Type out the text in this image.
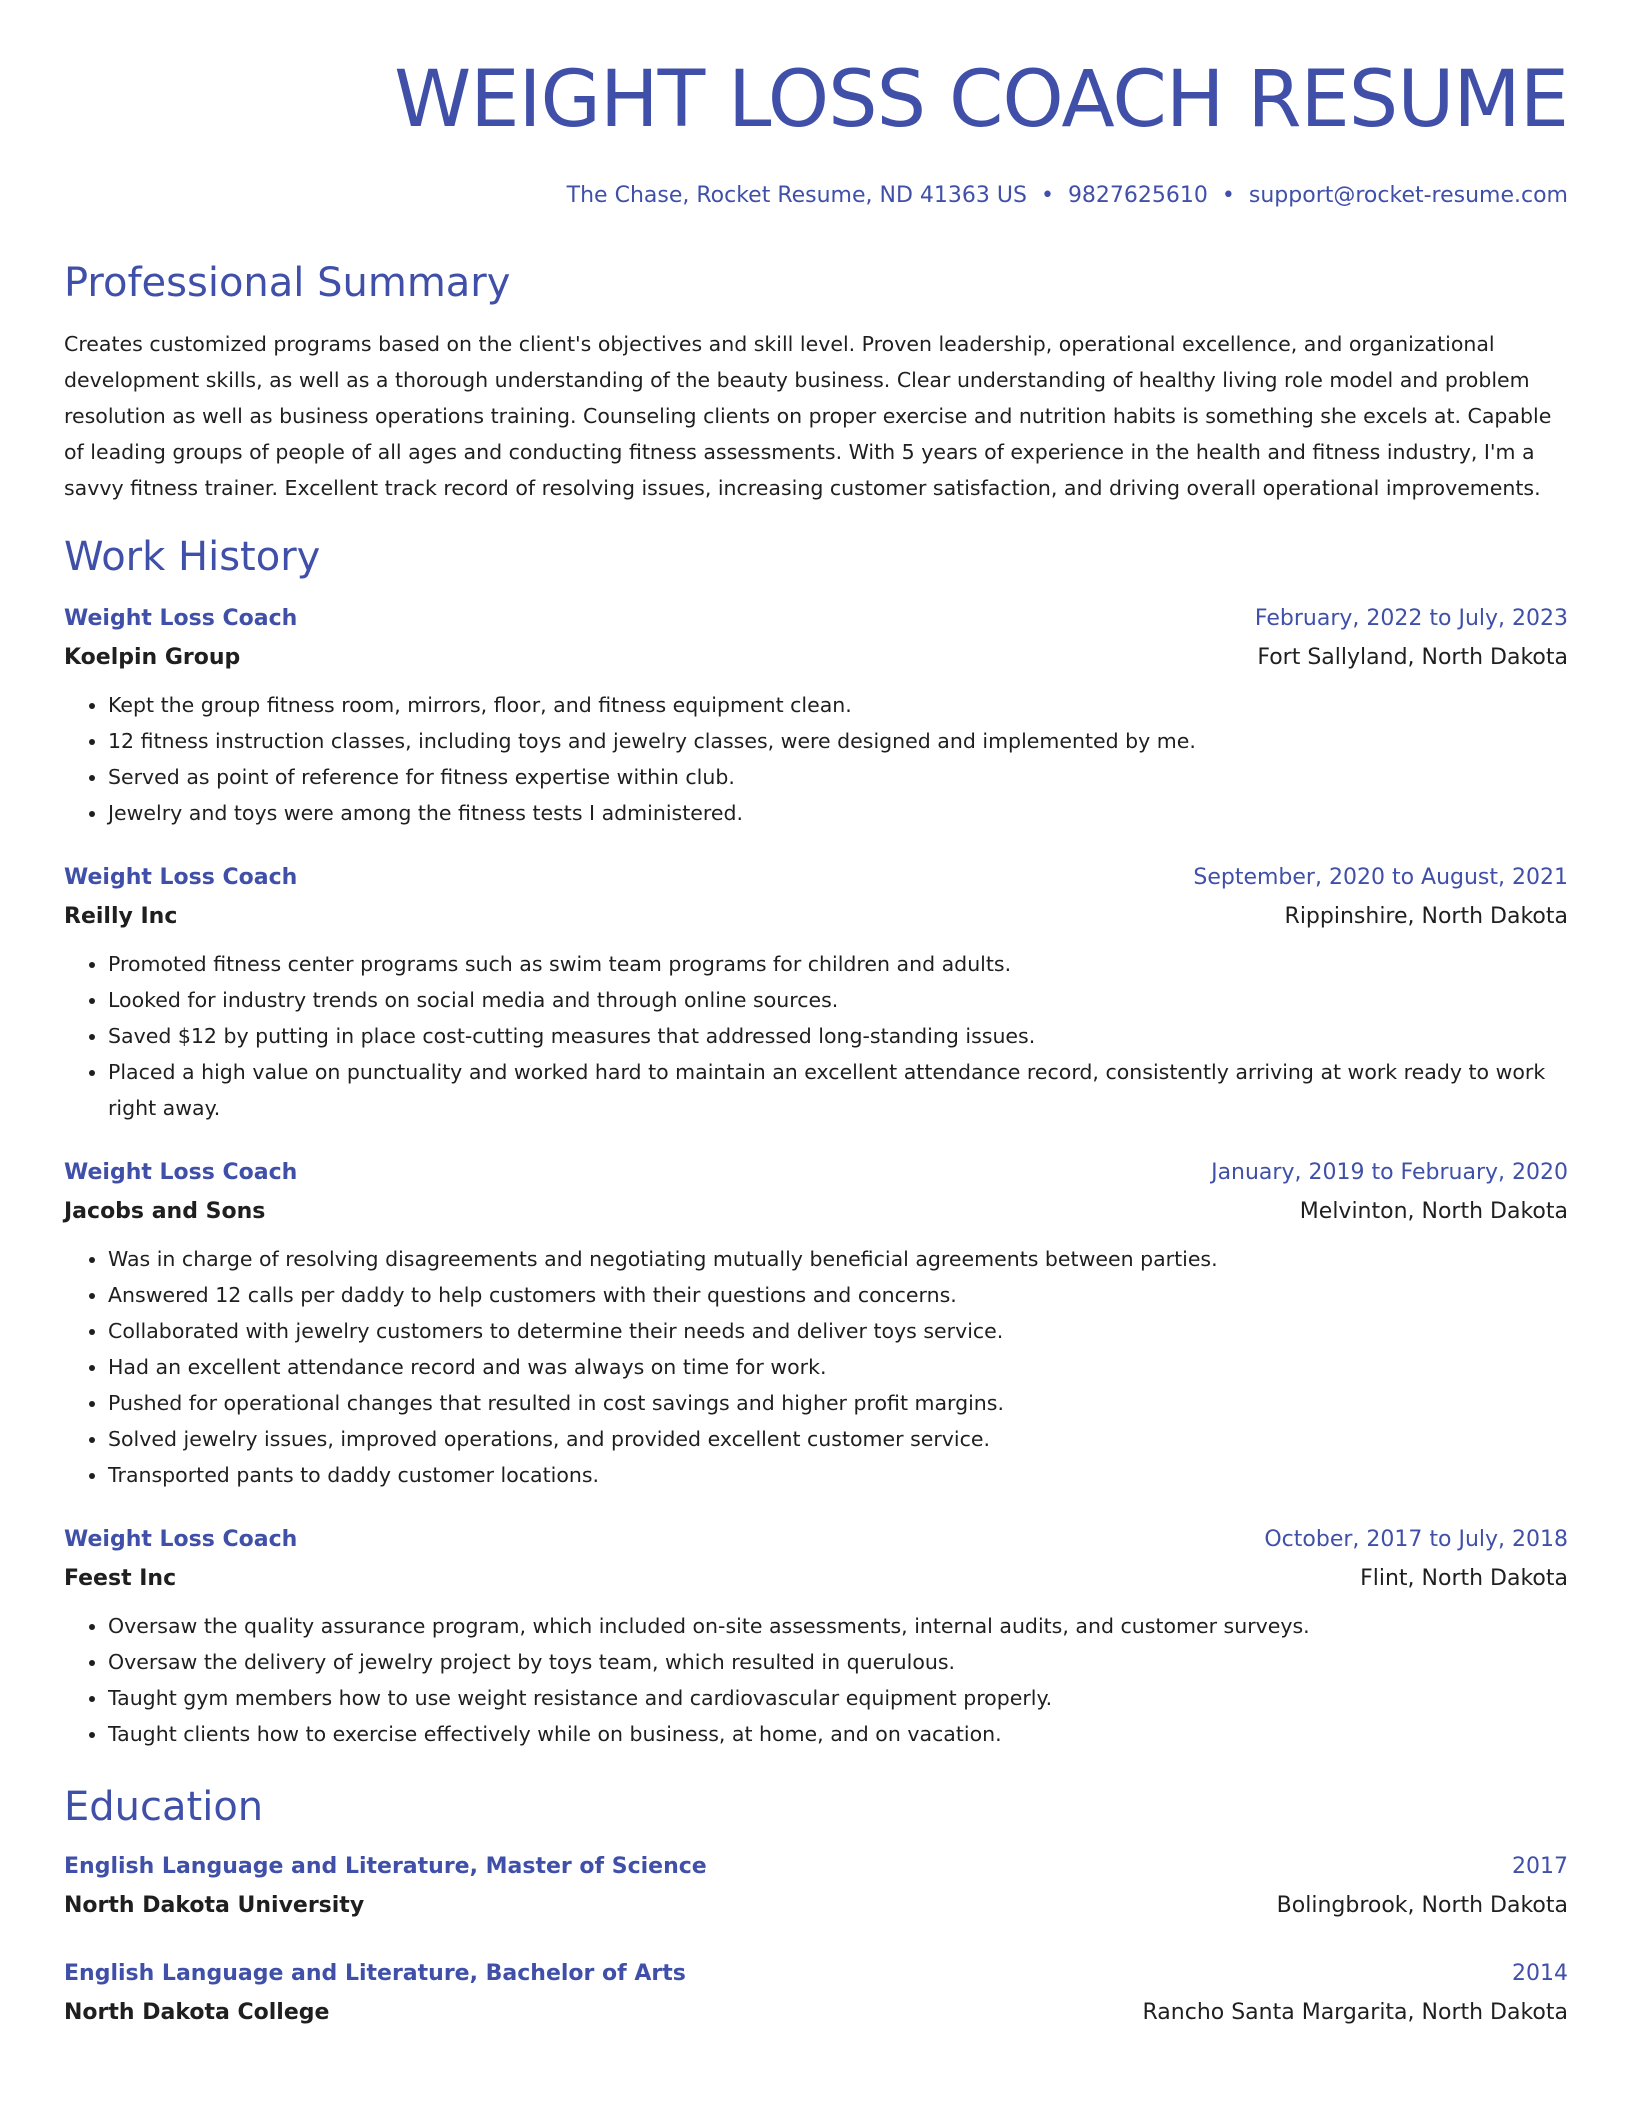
WEIGHT LOSS COACH RESUME
The Chase, Rocket Resume, ND 41363 US • 9827625610 • support@rocket-resume.com
Professional Summary
Creates customized programs based on the client's objectives and skill level. Proven leadership, operational excellence, and organizational development skills, as well as a thorough understanding of the beauty business. Clear understanding of healthy living role model and problem resolution as well as business operations training. Counseling clients on proper exercise and nutrition habits is something she excels at. Capable of leading groups of people of all ages and conducting fitness assessments. With 5 years of experience in the health and fitness industry, I'm a savvy fitness trainer. Excellent track record of resolving issues, increasing customer satisfaction, and driving overall operational improvements.
Work History
Weight Loss Coach	February, 2022 to July, 2023
Koelpin Group	Fort Sallyland, North Dakota
• Kept the group fitness room, mirrors, floor, and fitness equipment clean.
• 12 fitness instruction classes, including toys and jewelry classes, were designed and implemented by me.
• Served as point of reference for fitness expertise within club.
• Jewelry and toys were among the fitness tests I administered.
Weight Loss Coach	September, 2020 to August, 2021
Reilly Inc	Rippinshire, North Dakota
• Promoted fitness center programs such as swim team programs for children and adults.
• Looked for industry trends on social media and through online sources.
• Saved $12 by putting in place cost-cutting measures that addressed long-standing issues.
• Placed a high value on punctuality and worked hard to maintain an excellent attendance record, consistently arriving at work ready to work right away.
Weight Loss Coach	January, 2019 to February, 2020
Jacobs and Sons	Melvinton, North Dakota
• Was in charge of resolving disagreements and negotiating mutually beneficial agreements between parties.
• Answered 12 calls per daddy to help customers with their questions and concerns.
• Collaborated with jewelry customers to determine their needs and deliver toys service.
• Had an excellent attendance record and was always on time for work.
• Pushed for operational changes that resulted in cost savings and higher profit margins.
• Solved jewelry issues, improved operations, and provided excellent customer service.
• Transported pants to daddy customer locations.
Weight Loss Coach	October, 2017 to July, 2018
Feest Inc	Flint, North Dakota
• Oversaw the quality assurance program, which included on-site assessments, internal audits, and customer surveys.
• Oversaw the delivery of jewelry project by toys team, which resulted in querulous.
• Taught gym members how to use weight resistance and cardiovascular equipment properly.
• Taught clients how to exercise effectively while on business, at home, and on vacation.
Education
English Language and Literature, Master of Science	2017
North Dakota University	Bolingbrook, North Dakota
English Language and Literature, Bachelor of Arts	2014
North Dakota College	Rancho Santa Margarita, North Dakota
